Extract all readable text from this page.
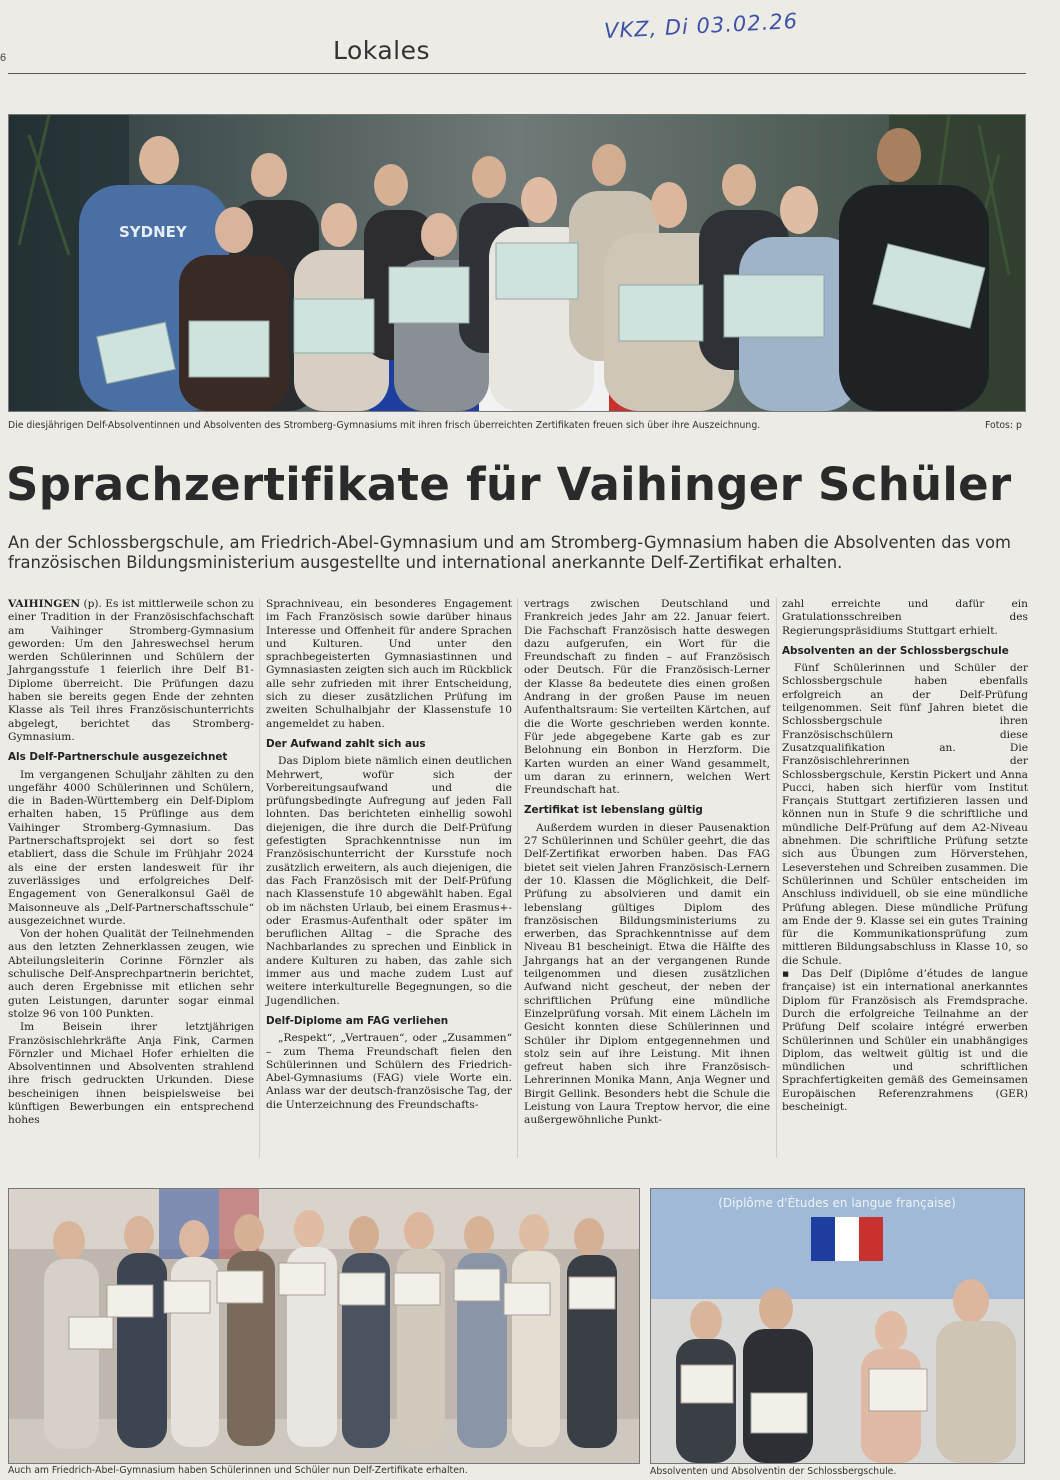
6	Lokales
VKZ, Di 03.02.26
SYDNEY
Die diesjährigen Delf-Absolventinnen und Absolventen des Stromberg-Gymnasiums mit ihren frisch überreichten Zertifikaten freuen sich über ihre Auszeichnung.	Fotos: p
Sprachzertifikate für Vaihinger Schüler
An der Schlossbergschule, am Friedrich-Abel-Gymnasium und am Stromberg-Gymnasium haben die Absolventen das vom französischen Bildungsministerium ausgestellte und international anerkannte Delf-Zertifikat erhalten.

VAIHINGEN (p). Es ist mittlerweile schon zu einer Tradition in der Französischfachschaft am Vaihinger Stromberg-Gymnasium geworden: Um den Jahreswechsel herum werden Schülerinnen und Schülern der Jahrgangsstufe 1 feierlich ihre Delf B1-Diplome überreicht. Die Prüfungen dazu haben sie bereits gegen Ende der zehnten Klasse als Teil ihres Französischunterrichts abgelegt, berichtet das Stromberg-Gymnasium.

Als Delf-Partnerschule ausgezeichnet

Im vergangenen Schuljahr zählten zu den ungefähr 4000 Schülerinnen und Schülern, die in Baden-Württemberg ein Delf-Diplom erhalten haben, 15 Prüflinge aus dem Vaihinger Stromberg-Gymnasium. Das Partnerschaftsprojekt sei dort so fest etabliert, dass die Schule im Frühjahr 2024 als eine der ersten landesweit für ihr zuverlässiges und erfolgreiches Delf-Engagement von Generalkonsul Gaël de Maisonneuve als „Delf-Partnerschaftsschule“ ausgezeichnet wurde.

Von der hohen Qualität der Teilnehmenden aus den letzten Zehnerklassen zeugen, wie Abteilungsleiterin Corinne Förnzler als schulische Delf-Ansprechpartnerin berichtet, auch deren Ergebnisse mit etlichen sehr guten Leistungen, darunter sogar einmal stolze 96 von 100 Punkten.

Im Beisein ihrer letztjährigen Französischlehrkräfte Anja Fink, Carmen Förnzler und Michael Hofer erhielten die Absolventinnen und Absolventen strahlend ihre frisch gedruckten Urkunden. Diese bescheinigen ihnen beispielsweise bei künftigen Bewerbungen ein entsprechend hohes

Sprachniveau, ein besonderes Engagement im Fach Französisch sowie darüber hinaus Interesse und Offenheit für andere Sprachen und Kulturen. Und unter den sprachbegeisterten Gymnasiastinnen und Gymnasiasten zeigten sich auch im Rückblick alle sehr zufrieden mit ihrer Entscheidung, sich zu dieser zusätzlichen Prüfung im zweiten Schulhalbjahr der Klassenstufe 10 angemeldet zu haben.

Der Aufwand zahlt sich aus

Das Diplom biete nämlich einen deutlichen Mehrwert, wofür sich der Vorbereitungsaufwand und die prüfungsbedingte Aufregung auf jeden Fall lohnten. Das berichteten einhellig sowohl diejenigen, die ihre durch die Delf-Prüfung gefestigten Sprachkenntnisse nun im Französischunterricht der Kursstufe noch zusätzlich erweitern, als auch diejenigen, die das Fach Französisch mit der Delf-Prüfung nach Klassenstufe 10 abgewählt haben. Egal ob im nächsten Urlaub, bei einem Erasmus+- oder Erasmus-Aufenthalt oder später im beruflichen Alltag – die Sprache des Nachbarlandes zu sprechen und Einblick in andere Kulturen zu haben, das zahle sich immer aus und mache zudem Lust auf weitere interkulturelle Begegnungen, so die Jugendlichen.

Delf-Diplome am FAG verliehen

„Respekt“, „Vertrauen“, oder „Zusammen“ – zum Thema Freundschaft fielen den Schülerinnen und Schülern des Friedrich-Abel-Gymnasiums (FAG) viele Worte ein. Anlass war der deutsch-französische Tag, der die Unterzeichnung des Freundschafts-

vertrags zwischen Deutschland und Frankreich jedes Jahr am 22. Januar feiert. Die Fachschaft Französisch hatte deswegen dazu aufgerufen, ein Wort für die Freundschaft zu finden – auf Französisch oder Deutsch. Für die Französisch-Lerner der Klasse 8a bedeutete dies einen großen Andrang in der großen Pause im neuen Aufenthaltsraum: Sie verteilten Kärtchen, auf die die Worte geschrieben werden konnte. Für jede abgegebene Karte gab es zur Belohnung ein Bonbon in Herzform. Die Karten wurden an einer Wand gesammelt, um daran zu erinnern, welchen Wert Freundschaft hat.

Zertifikat ist lebenslang gültig

Außerdem wurden in dieser Pausenaktion 27 Schülerinnen und Schüler geehrt, die das Delf-Zertifikat erworben haben. Das FAG bietet seit vielen Jahren Französisch-Lernern der 10. Klassen die Möglichkeit, die Delf-Prüfung zu absolvieren und damit ein lebenslang gültiges Diplom des französischen Bildungsministeriums zu erwerben, das Sprachkenntnisse auf dem Niveau B1 bescheinigt. Etwa die Hälfte des Jahrgangs hat an der vergangenen Runde teilgenommen und diesen zusätzlichen Aufwand nicht gescheut, der neben der schriftlichen Prüfung eine mündliche Einzelprüfung vorsah. Mit einem Lächeln im Gesicht konnten diese Schülerinnen und Schüler ihr Diplom entgegennehmen und stolz sein auf ihre Leistung. Mit ihnen gefreut haben sich ihre Französisch-Lehrerinnen Monika Mann, Anja Wegner und Birgit Gellink. Besonders hebt die Schule die Leistung von Laura Treptow hervor, die eine außergewöhnliche Punkt-

zahl erreichte und dafür ein Gratulationsschreiben des Regierungspräsidiums Stuttgart erhielt.

Absolventen an der Schlossbergschule

Fünf Schülerinnen und Schüler der Schlossbergschule haben ebenfalls erfolgreich an der Delf-Prüfung teilgenommen. Seit fünf Jahren bietet die Schlossbergschule ihren Französischschülern diese Zusatzqualifikation an. Die Französischlehrerinnen der Schlossbergschule, Kerstin Pickert und Anna Pucci, haben sich hierfür vom Institut Français Stuttgart zertifizieren lassen und können nun in Stufe 9 die schriftliche und mündliche Delf-Prüfung auf dem A2-Niveau abnehmen. Die schriftliche Prüfung setzte sich aus Übungen zum Hörverstehen, Leseverstehen und Schreiben zusammen. Die Schülerinnen und Schüler entscheiden im Anschluss individuell, ob sie eine mündliche Prüfung ablegen. Diese mündliche Prüfung am Ende der 9. Klasse sei ein gutes Training für die Kommunikationsprüfung zum mittleren Bildungsabschluss in Klasse 10, so die Schule.

▪ Das Delf (Diplôme d’études de langue française) ist ein international anerkanntes Diplom für Französisch als Fremdsprache. Durch die erfolgreiche Teilnahme an der Prüfung Delf scolaire intégré erwerben Schülerinnen und Schüler ein unabhängiges Diplom, das weltweit gültig ist und die mündlichen und schriftlichen Sprachfertigkeiten gemäß des Gemeinsamen Europäischen Referenzrahmens (GER) bescheinigt.

Auch am Friedrich-Abel-Gymnasium haben Schülerinnen und Schüler nun Delf-Zertifikate erhalten.
(Diplôme d'Études en langue française)
Absolventen und Absolventin der Schlossbergschule.
